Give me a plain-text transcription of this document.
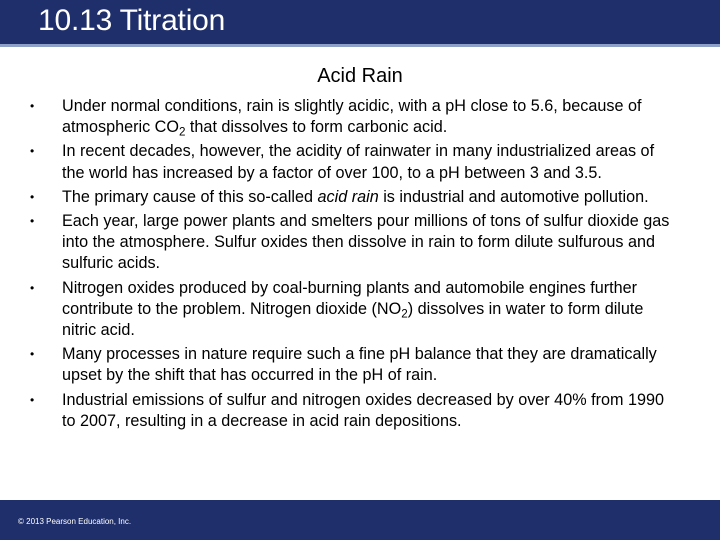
10.13 Titration
Acid Rain
• Under normal conditions, rain is slightly acidic, with a pH close to 5.6, because of atmospheric $CO_2$ that dissolves to form carbonic acid.
• In recent decades, however, the acidity of rainwater in many industrialized areas of the world has increased by a factor of over 100, to a pH between 3 and 3.5.
• The primary cause of this so-called acid rain is industrial and automotive pollution.
• Each year, large power plants and smelters pour millions of tons of sulfur dioxide gas into the atmosphere. Sulfur oxides then dissolve in rain to form dilute sulfurous and sulfuric acids.
• Nitrogen oxides produced by coal-burning plants and automobile engines further contribute to the problem. Nitrogen dioxide $(NO_2)$ dissolves in water to form dilute nitric acid.
• Many processes in nature require such a fine pH balance that they are dramatically upset by the shift that has occurred in the pH of rain.
• Industrial emissions of sulfur and nitrogen oxides decreased by over 40% from 1990 to 2007, resulting in a decrease in acid rain depositions.
© 2013 Pearson Education, Inc.
